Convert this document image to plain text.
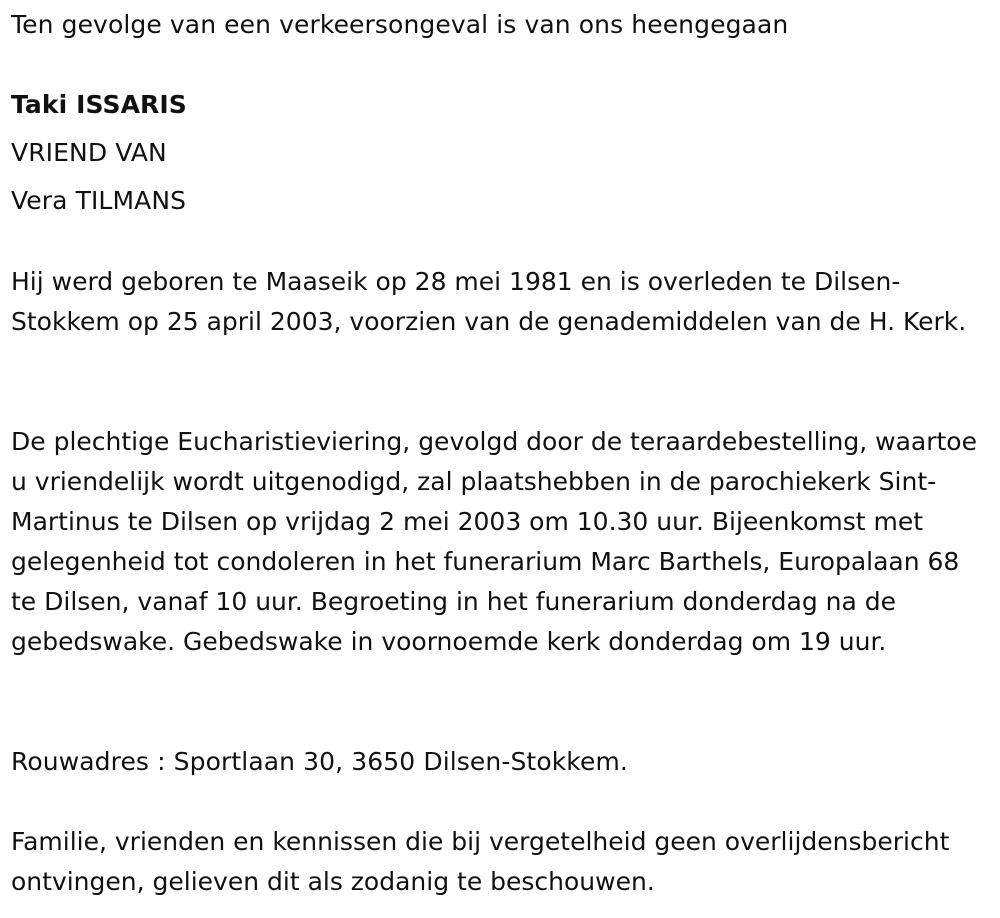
Ten gevolge van een verkeersongeval is van ons heengegaan
Taki ISSARIS
VRIEND VAN
Vera TILMANS
Hij werd geboren te Maaseik op 28 mei 1981 en is overleden te Dilsen-Stokkem op 25 april 2003, voorzien van de genademiddelen van de H. Kerk.
De plechtige Eucharistieviering, gevolgd door de teraardebestelling, waartoe u vriendelijk wordt uitgenodigd, zal plaatshebben in de parochiekerk Sint-Martinus te Dilsen op vrijdag 2 mei 2003 om 10.30 uur. Bijeenkomst met gelegenheid tot condoleren in het funerarium Marc Barthels, Europalaan 68 te Dilsen, vanaf 10 uur. Begroeting in het funerarium donderdag na de gebedswake. Gebedswake in voornoemde kerk donderdag om 19 uur.
Rouwadres : Sportlaan 30, 3650 Dilsen-Stokkem.
Familie, vrienden en kennissen die bij vergetelheid geen overlijdensbericht ontvingen, gelieven dit als zodanig te beschouwen.
